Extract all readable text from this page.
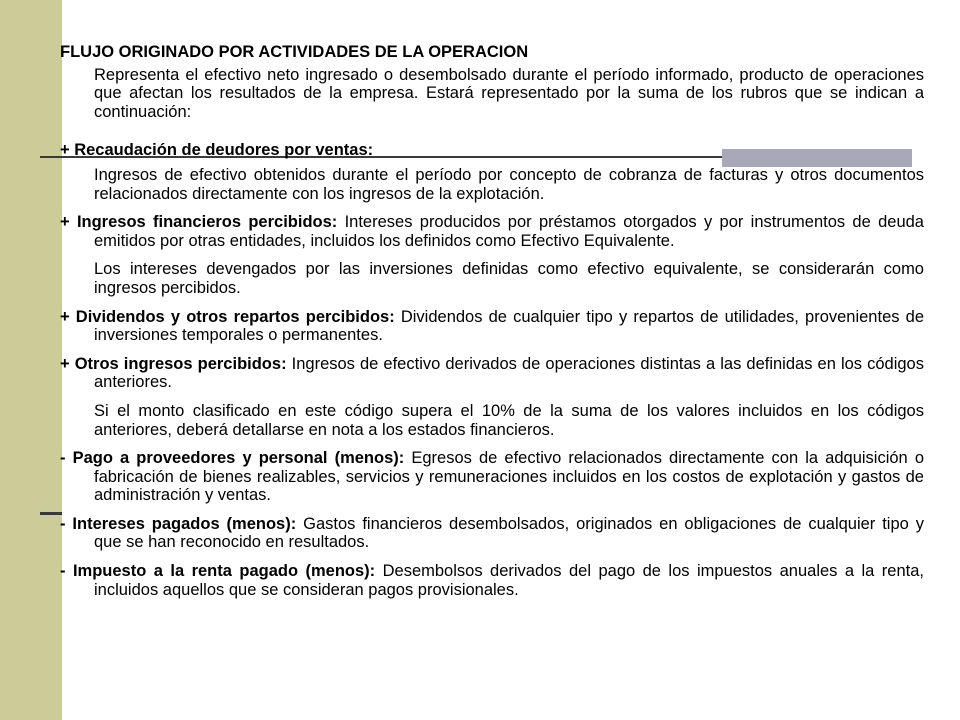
FLUJO ORIGINADO POR ACTIVIDADES DE LA OPERACION
Representa el efectivo neto ingresado o desembolsado durante el período informado, producto de operaciones que afectan los resultados de la empresa. Estará representado por la suma de los rubros que se indican a continuación:
+ Recaudación de deudores por ventas:
Ingresos de efectivo obtenidos durante el período por concepto de cobranza de facturas y otros documentos relacionados directamente con los ingresos de la explotación.
+ Ingresos financieros percibidos: Intereses producidos por préstamos otorgados y por instrumentos de deuda emitidos por otras entidades, incluidos los definidos como Efectivo Equivalente.
Los intereses devengados por las inversiones definidas como efectivo equivalente, se considerarán como ingresos percibidos.
+ Dividendos y otros repartos percibidos: Dividendos de cualquier tipo y repartos de utilidades, provenientes de inversiones temporales o permanentes.
+ Otros ingresos percibidos: Ingresos de efectivo derivados de operaciones distintas a las definidas en los códigos anteriores.
Si el monto clasificado en este código supera el 10% de la suma de los valores incluidos en los códigos anteriores, deberá detallarse en nota a los estados financieros.
- Pago a proveedores y personal (menos): Egresos de efectivo relacionados directamente con la adquisición o fabricación de bienes realizables, servicios y remuneraciones incluidos en los costos de explotación y gastos de administración y ventas.
- Intereses pagados (menos): Gastos financieros desembolsados, originados en obligaciones de cualquier tipo y que se han reconocido en resultados.
- Impuesto a la renta pagado (menos): Desembolsos derivados del pago de los impuestos anuales a la renta, incluidos aquellos que se consideran pagos provisionales.
